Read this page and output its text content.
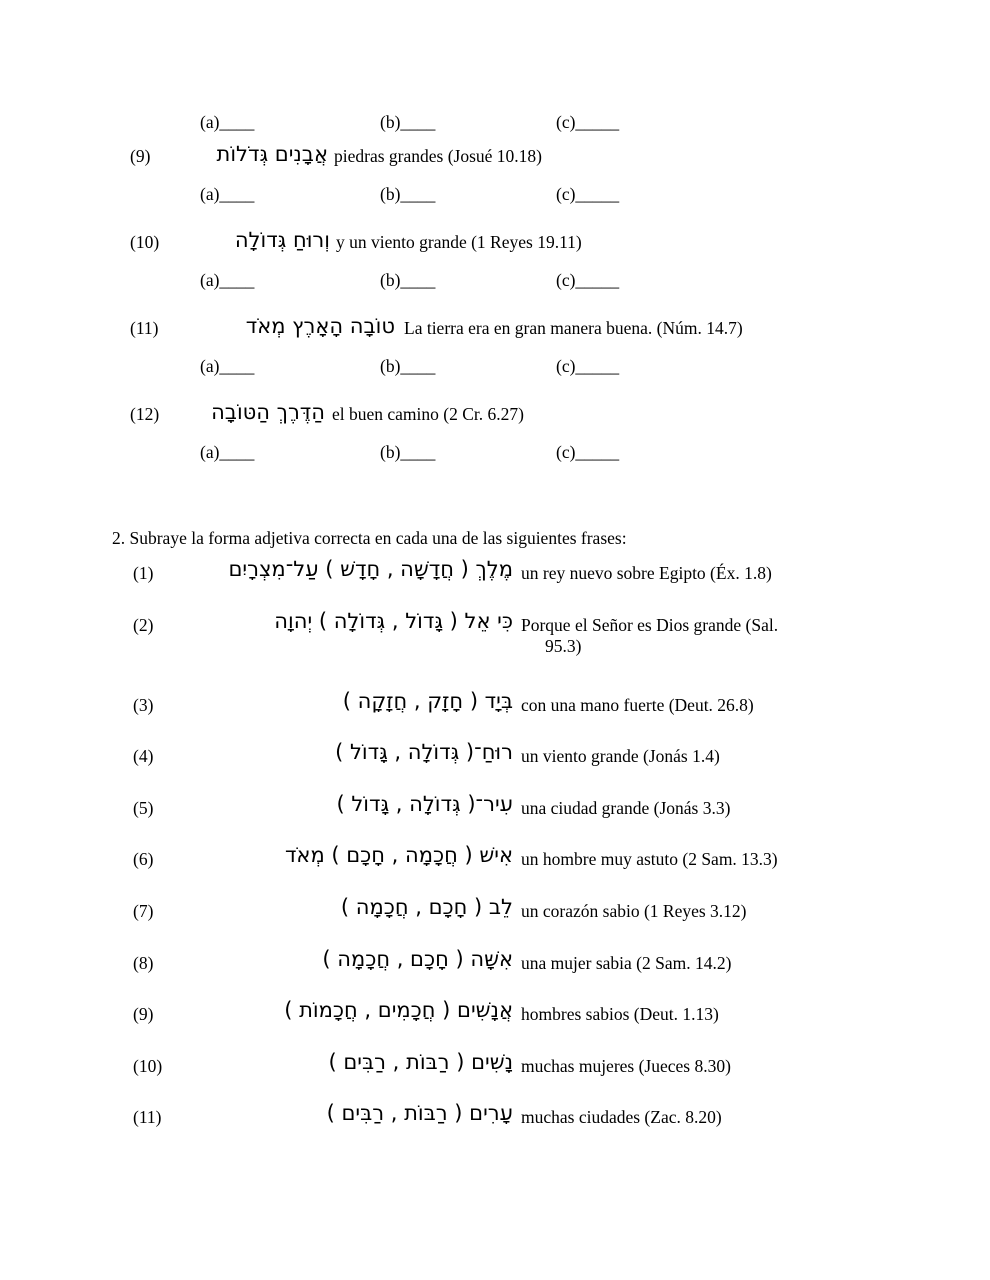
(a)____	(b)____	(c)_____
(9)	אֲבָנִים גְּדֹלוֹת piedras grandes (Josué 10.18)
(a)____	(b)____	(c)_____
(10)	וְרוּחַ גְּדוֹלָה y un viento grande (1 Reyes 19.11)
(a)____	(b)____	(c)_____
(11)	טוֹבָה הָאָרֶץ מְאֹד La tierra era en gran manera buena. (Núm. 14.7)
(a)____	(b)____	(c)_____
(12) הַדֶּרֶךְ הַטּוֹבָה el buen camino (2 Cr. 6.27)
(a)____	(b)____	(c)_____
2. Subraye la forma adjetiva correcta en cada una de las siguientes frases:
(1)	מֶלֶךְ ( חֲדָשָׁה , חָדָשׁ ) עַל־מִצְרָיִם un rey nuevo sobre Egipto (Éx. 1.8)
(2)	כִּי אֵל ( גָּדוֹל , גְּדוֹלָה ) יְהוָה Porque el Señor es Dios grande (Sal.
95.3)
(3)	בְּיָד ( חָזָק , חֲזָקָה ) con una mano fuerte (Deut. 26.8)
(4)	רוּחַ־( גְּדוֹלָה , גָּדוֹל ) un viento grande (Jonás 1.4)
(5)	עִיר־( גְּדוֹלָה , גָּדוֹל ) una ciudad grande (Jonás 3.3)
(6)	אִישׁ ( חֲכָמָה , חָכָם ) מְאֹד un hombre muy astuto (2 Sam. 13.3)
(7)	לֵב ( חָכָם , חֲכָמָה ) un corazón sabio (1 Reyes 3.12)
(8)	אִשָּׁה ( חָכָם , חֲכָמָה ) una mujer sabia (2 Sam. 14.2)
(9)	אֲנָשִׁים ( חֲכָמִים , חֲכָמוֹת ) hombres sabios (Deut. 1.13)
(10)	נָשִׁים ( רַבּוֹת , רַבִּים ) muchas mujeres (Jueces 8.30)
(11)	עָרִים ( רַבּוֹת , רַבִּים ) muchas ciudades (Zac. 8.20)
